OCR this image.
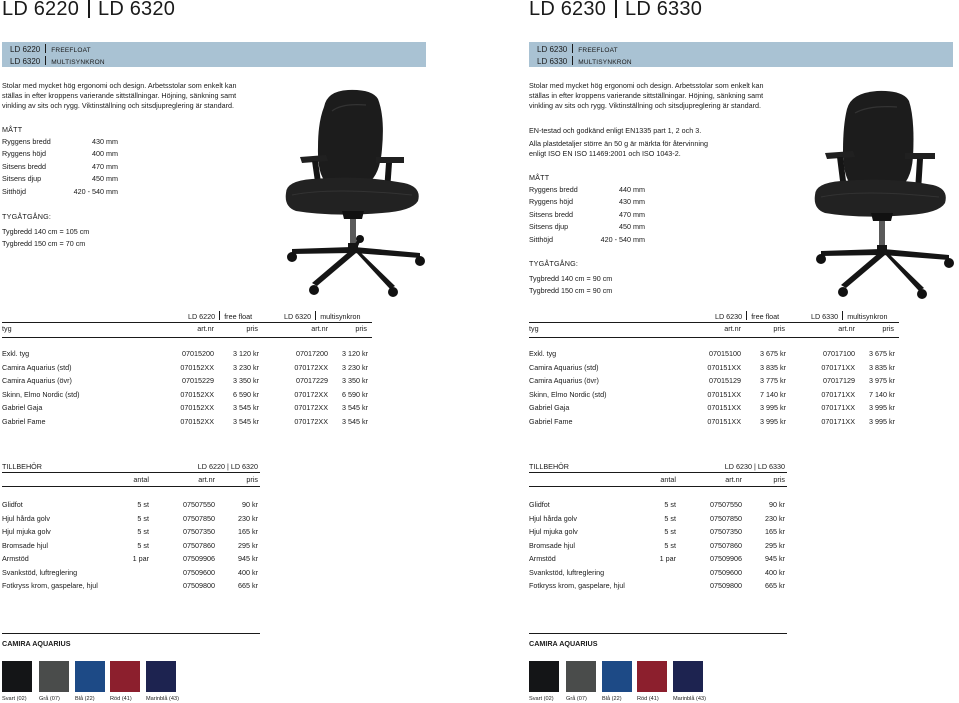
LD 6220 LD 6320
LD 6220 FREEFLOAT
LD 6320 MULTISYNKRON
Stolar med mycket hög ergonomi och design. Arbetsstolar som enkelt kan
ställas in efter kroppens varierande sittställningar. Höjning, sänkning samt
vinkling av sits och rygg. Viktinställning och sitsdjupreglering är standard.
MÅTT
Ryggens bredd	430 mm
Ryggens höjd	400 mm
Sitsens bredd	470 mm
Sitsens djup	450 mm
Sitthöjd	420 - 540 mm
TYGÅTGÅNG:
Tygbredd 140 cm = 105 cm
Tygbredd 150 cm = 70 cm
LD 6220 free float	LD 6320 multisynkron
tyg	art.nr	pris	art.nr	pris
Exkl. tyg	07015200	3 120 kr	07017200 3 120 kr
Camira Aquarius (std)	070152XX	3 230 kr	070172XX 3 230 kr
Camira Aquarius (övr)	07015229	3 350 kr	07017229 3 350 kr
Skinn, Elmo Nordic (std)	070152XX	6 590 kr	070172XX 6 590 kr
Gabriel Gaja	070152XX	3 545 kr	070172XX 3 545 kr
Gabriel Fame	070152XX	3 545 kr	070172XX 3 545 kr
TILLBEHÖR	LD 6220 | LD 6320
antal	art.nr	pris
Glidfot	5 st	07507550	90 kr
Hjul hårda golv	5 st	07507850	230 kr
Hjul mjuka golv	5 st	07507350	165 kr
Bromsade hjul	5 st	07507860	295 kr
Armstöd	1 par	07509906	945 kr
Svankstöd, luftreglering	07509600	400 kr
Fotkryss krom, gaspelare, hjul	07509800	665 kr
CAMIRA AQUARIUS
Svart (02) Grå (07)	Blå (22)	Röd (41)	Marinblå (43)
LD 6230 LD 6330
LD 6230 FREEFLOAT
LD 6330 MULTISYNKRON
Stolar med mycket hög ergonomi och design. Arbetsstolar som enkelt kan
ställas in efter kroppens varierande sittställningar. Höjning, sänkning samt
vinkling av sits och rygg. Viktinställning och sitsdjupreglering är standard.
EN-testad och godkänd enligt EN1335 part 1, 2 och 3.
Alla plastdetaljer större än 50 g är märkta för återvinning
enligt ISO EN ISO 11469:2001 och ISO 1043-2.
MÅTT
Ryggens bredd	440 mm
Ryggens höjd	430 mm
Sitsens bredd	470 mm
Sitsens djup	450 mm
Sitthöjd	420 - 540 mm
TYGÅTGÅNG:
Tygbredd 140 cm = 90 cm
Tygbredd 150 cm = 90 cm
LD 6230 free float	LD 6330 multisynkron
tyg	art.nr	pris	art.nr	pris
Exkl. tyg	07015100	3 675 kr	07017100 3 675 kr
Camira Aquarius (std)	070151XX	3 835 kr	070171XX 3 835 kr
Camira Aquarius (övr)	07015129	3 775 kr	07017129 3 975 kr
Skinn, Elmo Nordic (std)	070151XX	7 140 kr	070171XX 7 140 kr
Gabriel Gaja	070151XX	3 995 kr	070171XX 3 995 kr
Gabriel Fame	070151XX	3 995 kr	070171XX 3 995 kr
TILLBEHÖR	LD 6230 | LD 6330
antal	art.nr	pris
Glidfot	5 st	07507550	90 kr
Hjul hårda golv	5 st	07507850	230 kr
Hjul mjuka golv	5 st	07507350	165 kr
Bromsade hjul	5 st	07507860	295 kr
Armstöd	1 par	07509906	945 kr
Svankstöd, luftreglering	07509600	400 kr
Fotkryss krom, gaspelare, hjul	07509800	665 kr
CAMIRA AQUARIUS
Svart (02) Grå (07)	Blå (22)	Röd (41)	Marinblå (43)
